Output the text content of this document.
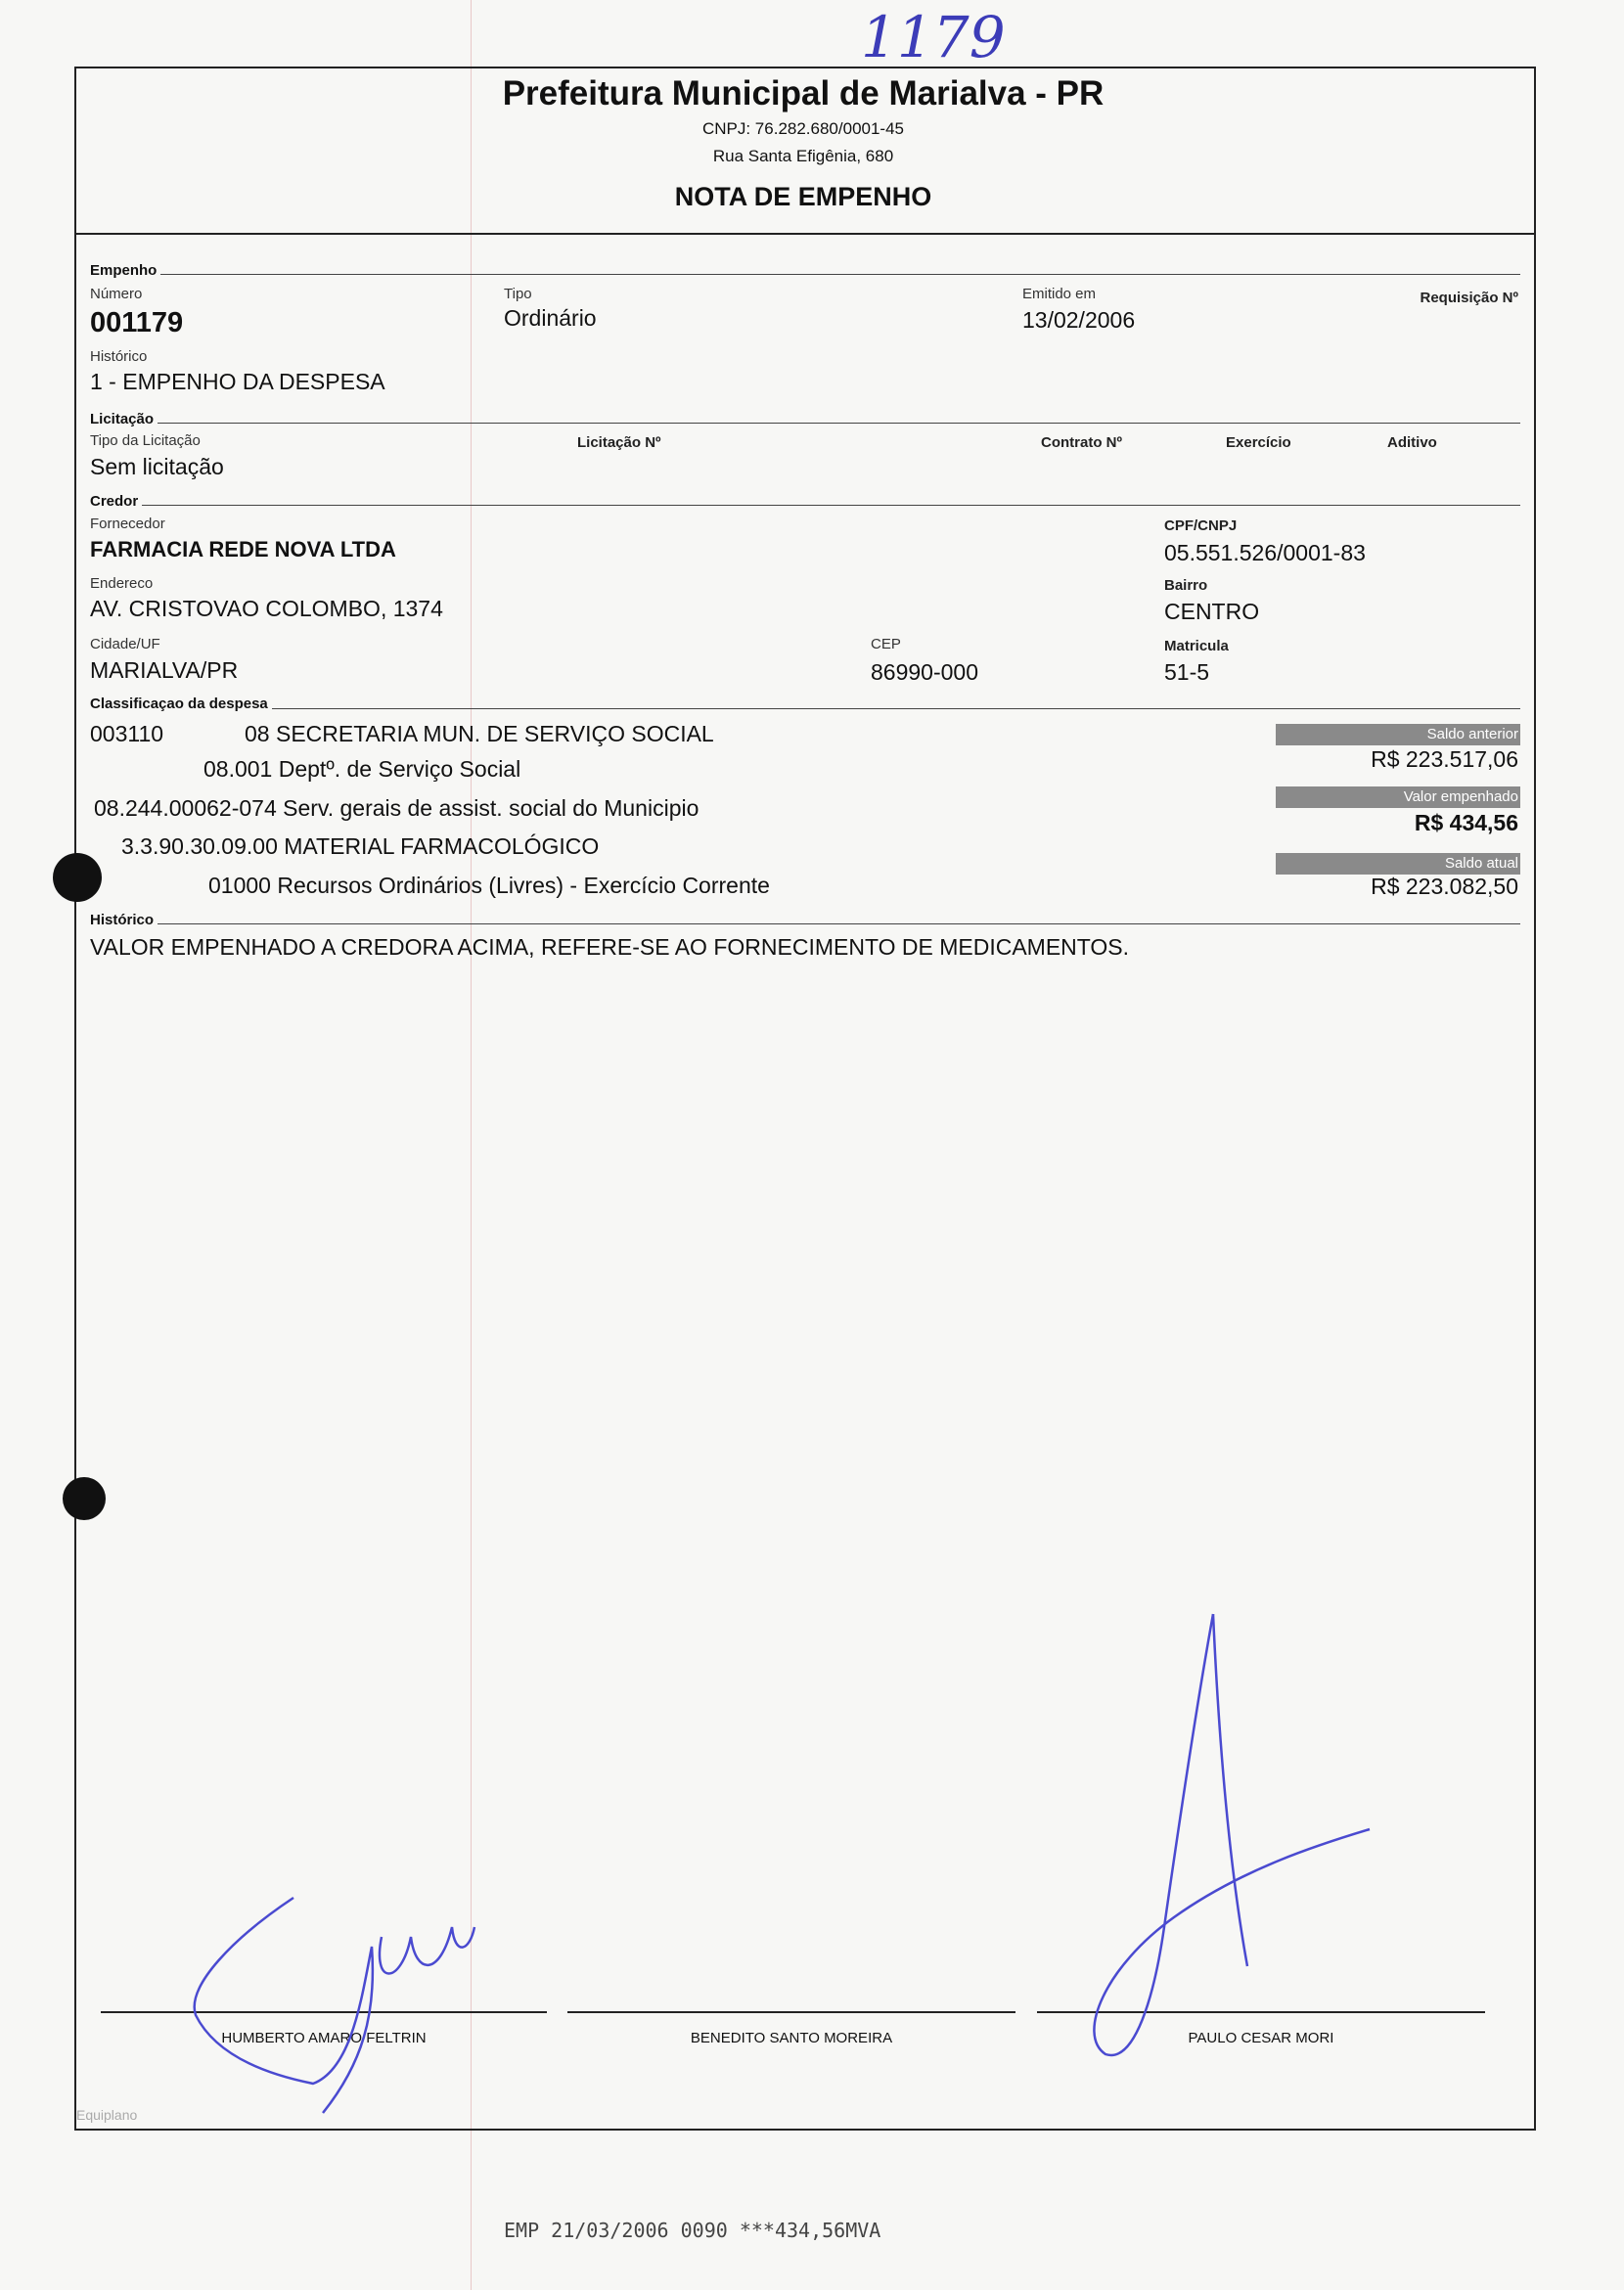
1179
Prefeitura Municipal de Marialva - PR
CNPJ: 76.282.680/0001-45
Rua Santa Efigênia, 680
NOTA DE EMPENHO
Empenho
Número
001179
Tipo
Ordinário
Emitido em
13/02/2006
Requisição Nº
Histórico
1 - EMPENHO DA DESPESA
Licitação
Tipo da Licitação
Sem licitação
Licitação Nº	Contrato Nº	Exercício	Aditivo
Credor
Fornecedor
FARMACIA REDE NOVA LTDA
CPF/CNPJ
05.551.526/0001-83
Endereco
AV. CRISTOVAO COLOMBO, 1374
Bairro
CENTRO
Cidade/UF
MARIALVA/PR
CEP
86990-000
Matricula
51-5
Classificaçao da despesa
003110	08 SECRETARIA MUN. DE SERVIÇO SOCIAL
08.001 Deptº. de Serviço Social
08.244.00062-074 Serv. gerais de assist. social do Municipio
3.3.90.30.09.00 MATERIAL FARMACOLÓGICO
01000 Recursos Ordinários (Livres) - Exercício Corrente
Saldo anterior
R$ 223.517,06
Valor empenhado
R$ 434,56
Saldo atual
R$ 223.082,50
Histórico
VALOR EMPENHADO A CREDORA ACIMA, REFERE-SE AO FORNECIMENTO DE MEDICAMENTOS.
HUMBERTO AMARO FELTRIN	BENEDITO SANTO MOREIRA	PAULO CESAR MORI
Equiplano
EMP 21/03/2006 0090 ***434,56MVA
